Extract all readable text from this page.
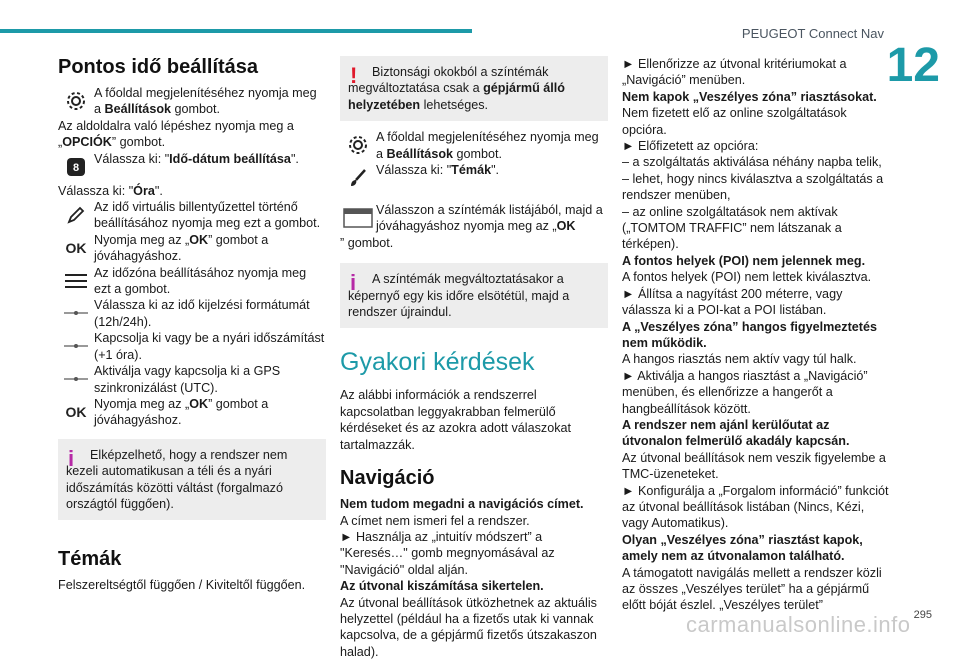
PEUGEOT Connect Nav
12
Pontos idő beállítása
A főoldal megjelenítéséhez nyomja meg a Beállítások gombot.

Az aldoldalra való lépéshez nyomja meg a „OPCIÓK” gombot.

8
Válassza ki: "Idő-dátum beállítása".

Válassza ki: "Óra".

Az idő virtuális billentyűzettel történő beállításához nyomja meg ezt a gombot.
OK Nyomja meg az „OK” gombot a jóváhagyáshoz.
Az időzóna beállításához nyomja meg ezt a gombot.
Válassza ki az idő kijelzési formátumát (12h/24h).
Kapcsolja ki vagy be a nyári időszámítást (+1 óra).
Aktiválja vagy kapcsolja ki a GPS szinkronizálást (UTC).
OK Nyomja meg az „OK” gombot a jóváhagyáshoz.
i	Elképzelhető, hogy a rendszer nem kezeli automatikusan a téli és a nyári időszámítás közötti váltást (forgalmazó országtól függően).

Témák

Felszereltségtől függően / Kiviteltől függően.

!	Biztonsági okokból a színtémák megváltoztatása csak a gépjármű álló helyzetében lehetséges.

A főoldal megjelenítéséhez nyomja meg a Beállítások gombot.
Válassza ki: "Témák".
Válasszon a színtémák listájából, majd a jóváhagyáshoz nyomja meg az „OK

” gombot.

i	A színtémák megváltoztatásakor a képernyő egy kis időre elsötétül, majd a rendszer újraindul.

Gyakori kérdések

Az alábbi információk a rendszerrel kapcsolatban leggyakrabban felmerülő kérdéseket és az azokra adott válaszokat tartalmazzák.

Navigáció

Nem tudom megadni a navigációs címet.

A címet nem ismeri fel a rendszer.

► Használja az „intuitív módszert” a "Keresés…" gomb megnyomásával az "Navigáció" oldal alján.

Az útvonal kiszámítása sikertelen.

Az útvonal beállítások ütközhetnek az aktuális helyzettel (például ha a fizetős utak ki vannak kapcsolva, de a gépjármű fizetős útszakaszon halad).

► Ellenőrizze az útvonal kritériumokat a „Navigáció” menüben.

Nem kapok „Veszélyes zóna” riasztásokat.

Nem fizetett elő az online szolgáltatások opcióra.

► Előfizetett az opcióra:

– a szolgáltatás aktiválása néhány napba telik,

– lehet, hogy nincs kiválasztva a szolgáltatás a rendszer menüben,

– az online szolgáltatások nem aktívak („TOMTOM TRAFFIC” nem látszanak a térképen).

A fontos helyek (POI) nem jelennek meg.

A fontos helyek (POI) nem lettek kiválasztva.

► Állítsa a nagyítást 200 méterre, vagy válassza ki a POI-kat a POI listában.

A „Veszélyes zóna” hangos figyelmeztetés nem működik.

A hangos riasztás nem aktív vagy túl halk.

► Aktiválja a hangos riasztást a „Navigáció” menüben, és ellenőrizze a hangerőt a hangbeállítások között.

A rendszer nem ajánl kerülőutat az útvonalon felmerülő akadály kapcsán.

Az útvonal beállítások nem veszik figyelembe a TMC-üzeneteket.

► Konfigurálja a „Forgalom információ” funkciót az útvonal beállítások listában (Nincs, Kézi, vagy Automatikus).

Olyan „Veszélyes zóna” riasztást kapok, amely nem az útvonalamon található.

A támogatott navigálás mellett a rendszer közli az összes „Veszélyes terület” ha a gépjármű előtt bóját észlel. „Veszélyes terület”

carmanualsonline.info 295
